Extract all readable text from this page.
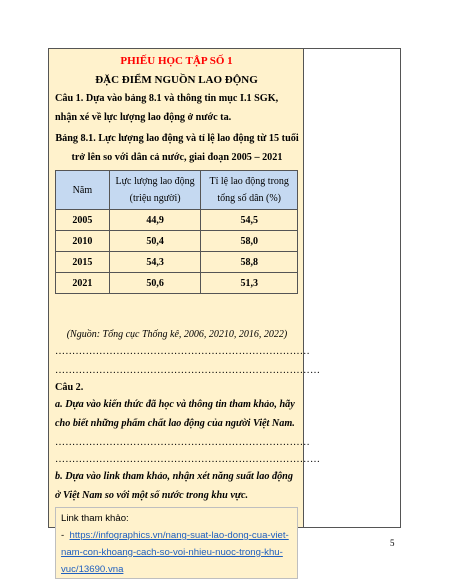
PHIẾU HỌC TẬP SỐ 1
ĐẶC ĐIỂM NGUỒN LAO ĐỘNG
Câu 1. Dựa vào bảng 8.1 và thông tin mục I.1 SGK, nhận xé về lực lượng lao động ở nước ta.
Bảng 8.1. Lực lượng lao động và tỉ lệ lao động từ 15 tuổi trở lên so với dân cả nước, giai đoạn 2005 – 2021
Năm	Lực lượng lao động (triệu người)	Tỉ lệ lao động trong tổng số dân (%)
2005	44,9	54,5
2010	50,4	58,0
2015	54,3	58,8
2021	50,6	51,3
(Nguồn: Tổng cục Thống kê, 2006, 20210, 2016, 2022)
…………………………………………………………………
……………………………………………………………………
Câu 2.
a. Dựa vào kiến thức đã học và thông tin tham khảo, hãy cho biết những phẩm chất lao động của người Việt Nam.
…………………………………………………………………
……………………………………………………………………
b. Dựa vào link tham khảo, nhận xét năng suất lao động ở Việt Nam so với một số nước trong khu vực.
Link tham khảo:
- https://infographics.vn/nang-suat-lao-dong-cua-viet-nam-con-khoang-cach-so-voi-nhieu-nuoc-trong-khu-vuc/13690.vna
5
